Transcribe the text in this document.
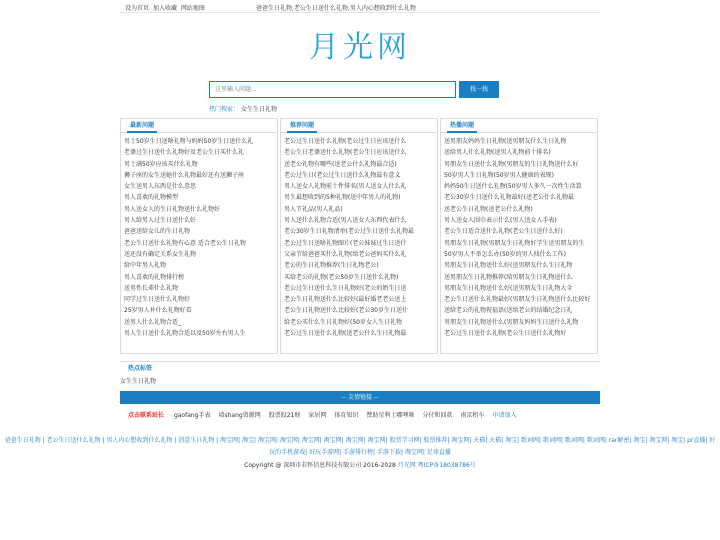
设为首页 加入收藏 网站地图	爸爸生日礼物,老公生日送什么礼物,男人内心想收到什么礼物
月光网
这里输入问题...
找一找
热门搜索： 女生生日礼物
最新问题
男士50岁生日送啥礼物与妈妈50岁生日送什么礼
老婆过生日送什么礼物好及老公生日买什么礼
男士满50岁应该买什么礼物
狮子座的女生送她什么礼物最好还有送狮子座
女生送男人东西是什么意思
男人喜欢的礼物模型
男人送女人的生日礼物送什么礼物好
男人给男人过生日送什么好
爸爸送给女儿的生日礼物
老公生日送什么礼物有心意 适合老公生日礼物
送还没有确定关系女生礼物
给中年男人礼物
男人喜欢的礼物排行榜
送男性长辈什么礼物
同学过生日送什么礼物好
25岁男人补什么礼物好看
送男人什么礼物合适_
男人生日送什么礼物合适以及50岁左右男人生
推荐问题
老公过生日送什么礼物(老公过生日应该送什么
老公生日老婆送什么礼物(老公生日应该送什么
送老公礼物有哪些(送老公什么礼物最合适)
老公过生日(老公过生日送什么礼物最有意义
男人送女人礼物前十件排名(男人送女人什么礼
男生最想收到的5种礼物(送中年男人的礼物)
男人节礼品(男人礼品)
男人送什么礼物合适(男人送女人东西代表什么
老公30岁生日礼物清单(老公过生日送什么礼物最
老公过生日送啥礼物图片(老公妹妹过生日送什
父亲节给爸爸买什么礼物(给老公爸妈买什么礼
老公的生日礼物推荐(生日礼物老公)
买给老公的礼物(老公50岁生日送什么礼物)
老公过生日送什么生日礼物好(老公的奶生日送
老公生日礼物送什么比较好(最好婚老老公送上
老公生日礼物送什么比较好(老公30岁生日送什
给老公买什么生日礼物好(50岁女人生日礼物
老公过生日送什么礼物(送老公什么生日礼物最
热播问题
送男朋友妈妈生日礼物(送男朋友什么生日礼物
送给男人什么礼物(送男人礼物前十排名)
男朋友生日送什么礼物(男朋友的生日礼物送什么好
50岁男人生日礼物(50岁男人健康的表现)
妈妈50生日送什么礼物(50岁男人多久一次性生活算
老公30岁生日送什么礼物最好(送老公什么礼物最
送老公生日礼物(送老公什么礼物)
男人送女人围巾表示什么(男人送女人手表)
老公生日适合送什么礼物(老公生日送什么好)
男朋友生日礼物(男朋友生日礼物好学生送男朋友的生
50岁男人不举怎么办(50岁的男人找什么工作)
男朋友生日礼物送什么好(送男朋友什么生日礼物
送男朋友生日礼物推荐(给男朋友生日礼物送什么
男朋友生日礼物送什么好(送男朋友生日礼物大全
老公生日送什么礼物最好(男朋友生日礼物送什么比较好
送给老公的礼物祝福语(送给老公的结婚纪念日礼
男朋友生日礼物送什么(男朋友妈妈生日送什么礼物
老公过生日送什么礼物(老公生日送什么礼物好
热点标签
女生生日礼物
-- 友情链接 --
点击联系站长 gaofang手表 墙shang资源网 股票股21财 家居网 体育知识 赞助星利士嘟哩舞 分付和回款 南京租车 申请加入
爸爸生日礼物 | 老公生日送什么礼物 | 男人内心想收到什么礼物 | 创意生日礼物 | 淘宝网| 淘宝| 淘宝网| 淘宝网| 淘宝网| 淘宝网| 淘宝网| 淘宝网| 股票学习网| 股票推荐| 淘宝网| 天猫| 天猫| 淘宝| 歌词网| 歌词网| 歌词网| 歌词网| rar解密| 淘宝| 淘宝网| 淘宝| pr直播| 好玩的手机游戏| 好玩手游网| 手游排行榜| 手游下载| 淘宝网| 足球直播
Copyright @ 深圳市若怀信息科技有限公司 2016-2028 月光网 粤ICP备18038786号
